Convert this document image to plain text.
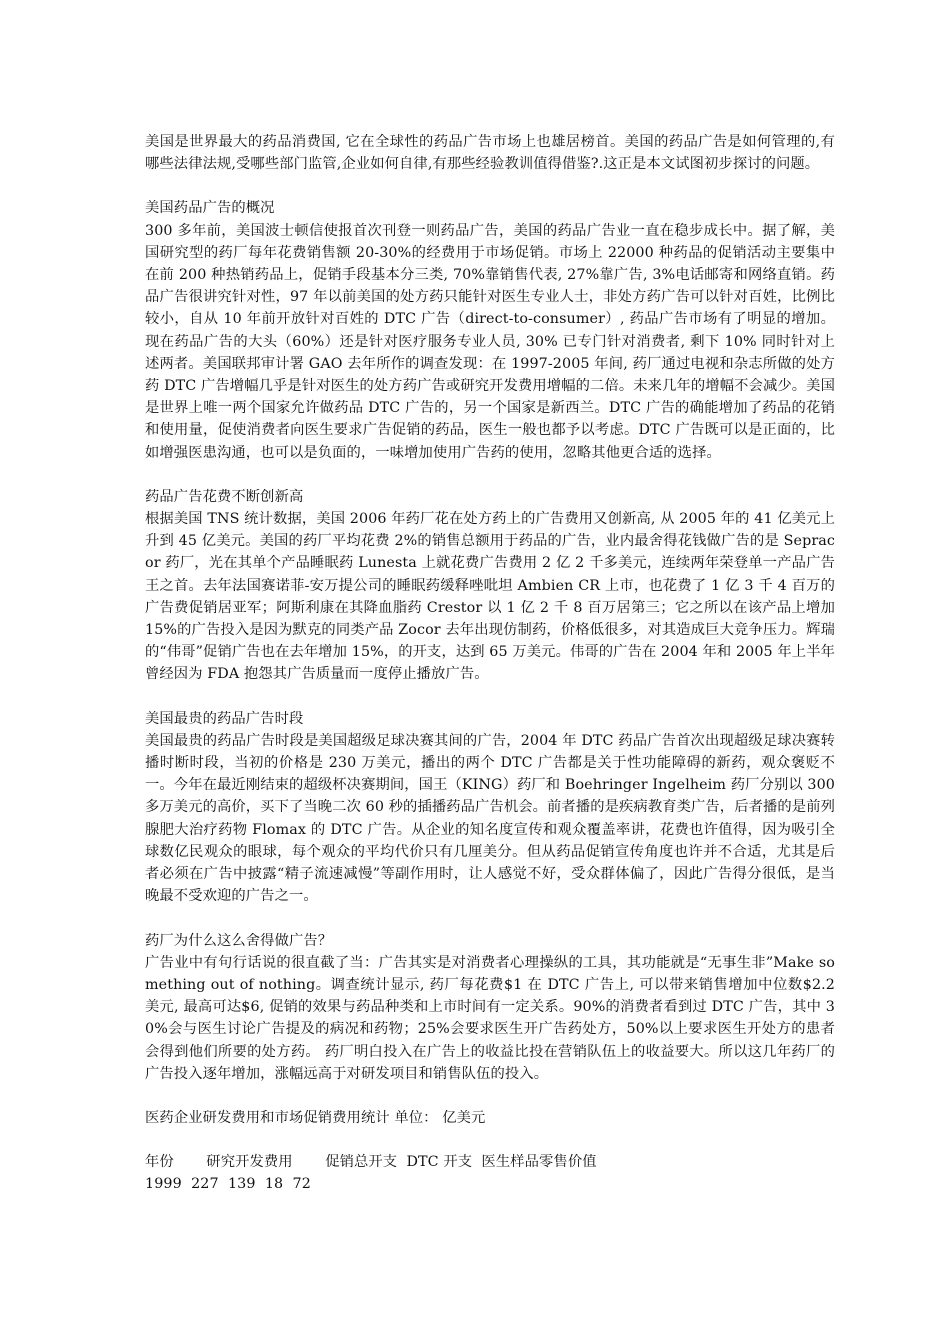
美国是世界最大的药品消费国, 它在全球性的药品广告市场上也雄居榜首。美国的药品广告是如何管理的,有哪些法律法规,受哪些部门监管,企业如何自律,有那些经验教训值得借鉴?.这正是本文试图初步探讨的问题。

美国药品广告的概况

300 多年前，美国波士顿信使报首次刊登一则药品广告，美国的药品广告业一直在稳步成长中。据了解，美国研究型的药厂每年花费销售额 20-30%的经费用于市场促销。市场上 22000 种药品的促销活动主要集中在前 200 种热销药品上，促销手段基本分三类, 70%靠销售代表, 27%靠广告, 3%电话邮寄和网络直销。药品广告很讲究针对性，97 年以前美国的处方药只能针对医生专业人士，非处方药广告可以针对百姓，比例比较小，自从 10 年前开放针对百姓的 DTC 广告（direct-to-consumer）, 药品广告市场有了明显的增加。现在药品广告的大头（60%）还是针对医疗服务专业人员, 30% 已专门针对消费者, 剩下 10% 同时针对上述两者。美国联邦审计署 GAO 去年所作的调查发现：在 1997-2005 年间, 药厂通过电视和杂志所做的处方药 DTC 广告增幅几乎是针对医生的处方药广告或研究开发费用增幅的二倍。未来几年的增幅不会减少。美国是世界上唯一两个国家允许做药品 DTC 广告的，另一个国家是新西兰。DTC 广告的确能增加了药品的花销和使用量，促使消费者向医生要求广告促销的药品，医生一般也都予以考虑。DTC 广告既可以是正面的，比如增强医患沟通，也可以是负面的，一味增加使用广告药的使用，忽略其他更合适的选择。

药品广告花费不断创新高

根据美国 TNS 统计数据，美国 2006 年药厂花在处方药上的广告费用又创新高, 从 2005 年的 41 亿美元上升到 45 亿美元。美国的药厂平均花费 2%的销售总额用于药品的广告，业内最舍得花钱做广告的是 Sepracor 药厂，光在其单个产品睡眠药 Lunesta 上就花费广告费用 2 亿 2 千多美元，连续两年荣登单一产品广告王之首。去年法国赛诺菲-安万提公司的睡眠药缓释唑吡坦 Ambien CR 上市，也花费了 1 亿 3 千 4 百万的广告费促销居亚军；阿斯利康在其降血脂药 Crestor 以 1 亿 2 千 8 百万居第三；它之所以在该产品上增加 15%的广告投入是因为默克的同类产品 Zocor 去年出现仿制药，价格低很多，对其造成巨大竞争压力。辉瑞的“伟哥”促销广告也在去年增加 15%，的开支，达到 65 万美元。伟哥的广告在 2004 年和 2005 年上半年曾经因为 FDA 抱怨其广告质量而一度停止播放广告。

美国最贵的药品广告时段

美国最贵的药品广告时段是美国超级足球决赛其间的广告，2004 年 DTC 药品广告首次出现超级足球决赛转播时断时段，当初的价格是 230 万美元，播出的两个 DTC 广告都是关于性功能障碍的新药，观众褒贬不一。今年在最近刚结束的超级杯决赛期间，国王（KING）药厂和 Boehringer Ingelheim 药厂分别以 300 多万美元的高价，买下了当晚二次 60 秒的插播药品广告机会。前者播的是疾病教育类广告，后者播的是前列腺肥大治疗药物 Flomax 的 DTC 广告。从企业的知名度宣传和观众覆盖率讲，花费也许值得，因为吸引全球数亿民观众的眼球，每个观众的平均代价只有几厘美分。但从药品促销宣传角度也许并不合适，尤其是后者必须在广告中披露“精子流速减慢”等副作用时，让人感觉不好，受众群体偏了，因此广告得分很低，是当晚最不受欢迎的广告之一。

药厂为什么这么舍得做广告？

广告业中有句行话说的很直截了当：广告其实是对消费者心理操纵的工具，其功能就是“无事生非”Make something out of nothing。调查统计显示, 药厂每花费$1 在 DTC 广告上, 可以带来销售增加中位数$2.2 美元, 最高可达$6, 促销的效果与药品种类和上市时间有一定关系。90%的消费者看到过 DTC 广告，其中 30%会与医生讨论广告提及的病况和药物；25%会要求医生开广告药处方，50%以上要求医生开处方的患者会得到他们所要的处方药。 药厂明白投入在广告上的收益比投在营销队伍上的收益要大。所以这几年药厂的广告投入逐年增加，涨幅远高于对研发项目和销售队伍的投入。

医药企业研发费用和市场促销费用统计 单位： 亿美元

年份       研究开发费用       促销总开支  DTC 开支  医生样品零售价值

1999  227  139  18  72
